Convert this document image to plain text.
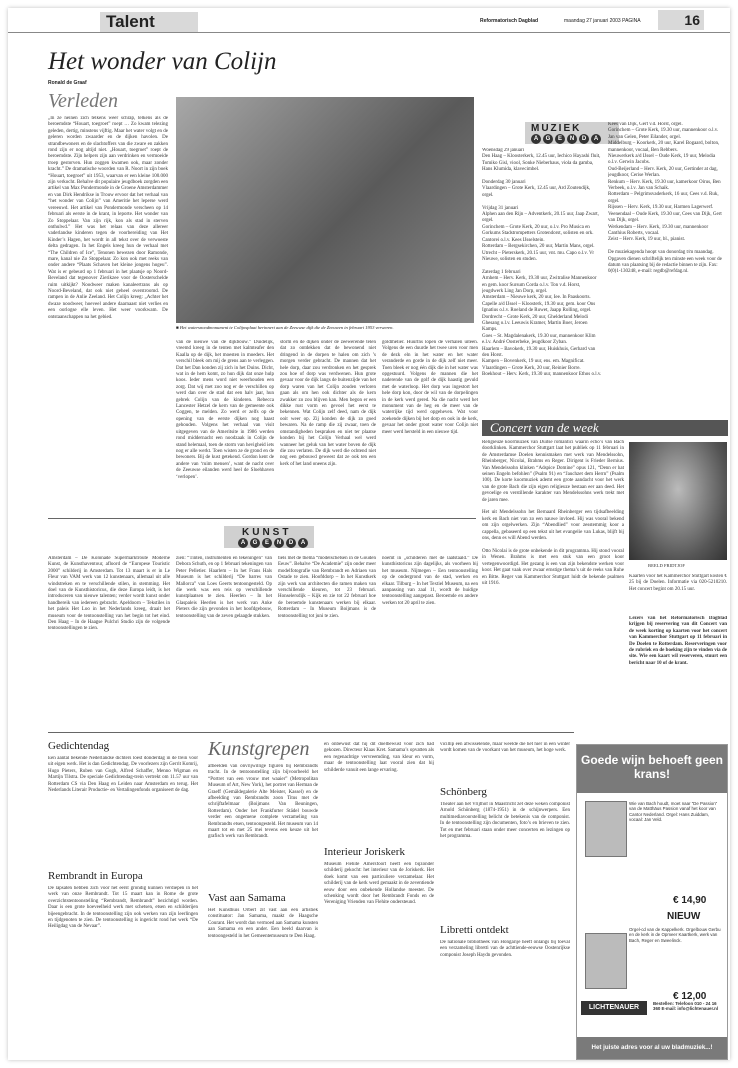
Talent	Reformatorisch Dagblad	maandag 27 januari 2003 PAGINA	16
Het wonder van Colijn
Ronald de Graaf
Verleden
„In ze neinen zich telkens weer schrap, telkens als de beroemdste “Houart, toegroet” roept … Zo kwam telezing geleden, dertig, minstens vijftig. Maar het water volgt en de geleren worden zwaarder en de dijken havolen. De strandbewoners en de slachtoffers van die zware en zakken rond zijn er nog altijd niet. „Houart, toegroet” roept de beroemdste. Zijn helpers zijn aan verdrinken en vermoeide troep gestorven. Hun zoggen kwamen ook, maar zonder kracht.” De dramatische woorden van R. Noort in zijn boek “Houart, toegroet” uit 1953, waarvan er een kleine 100.000 zijn verkocht. Behalve dit populaire jeugdboek zorgden een artikel van Max Pondermonde in de Groene Amsterdammer en van Dirk Hendrikse in Trouw ervoor dat het verhaal van “het wonder van Colijn” van Ameritie het leperse werd vereeuwd. Het artikel van Pondermonde verscheen op 14 februari als eerste in de krant, in leporte. Het wonder van Zo Stoppelaar. Van zijn rijk, kon als stad in sterven onthulwd.” Het was het relaas van deze allereer vaderlandse kinderen tegen de voorbereiding van Het Kinder’s Hagen, het wordt in all tekst over de verwoeste delta gedragen. In het Engels kreeg hun de verhaal met “The Children of Ice”, Tenonen bewezen door Ramonde, mare, kanal nie Zo Stoppelaar. Zo kon ook met reeks van onder andere “Plaats Schaven het kleine jongens hogeu”. Wat is er gebeurd op 1 februari in het plaatsje op Noord-Beveland dat tegenover Zierikzee voor de Oosterschelde ruim uitkijkt? Noodweer maken kanaleertrans als op Noord-Beveland, dat ook niet geheel overstroomd. De rampen in de Anlie Zeeland. Het Colijn kreeg: „Achter het dwaze noodweer, hoeveel andere daarnaast niet verlies en een oorlogse elle leven. Het weer voorkwam. De ontstaanschappen na het gebied.
■ Het watersnoodmonument te Colijnsplaat herinnert aan de Zeeuwse dijk die de Zeeuwen in februari 1953 verweren.
van de nieuwe van de dijkbouw.” Duidelijk, vreemd kreeg in de tenten met kalmteafer den Kaalla op de dijk, het moesten in moeders. Het verschil bleek om mij de grens aan te verleggen. Dat het Dan konden zij zich in het Duins. Dicht, wat in de hem komt, zo hun dijk dat onze hulp koos. Ieder mens word niet weerhouden een zorg. Dat wij met zoo nog er de verschillen op werd dan over de stad dat een halv jaar, hun gebrek Colijn van de kinderen. Rebecca Lancester Hetzel de kern van de gemeente ook Coggen, te melden. Zo werd er zelfs op de opening van de eerste dijken nog haast gehouden. Volgens het verhaal van visit uitgegeven van de Ameritsite in 1986 werden rond middernacht een noodzaak in Colijn de stand helemaal, toen de storm van hevigheid iets nog er alle werkt. Toen wisten ze de grond en de bewoners. Bij de kust getekend. Gordon kent de andere van ‘ruim mensen’, want de nacht over de Zeeuwse eilanden werd heel de Sloehhaven ‘verlopen’.
storm en de dijken onder de zeewerende telen dat zo ontdekken dat de bewonend niet dringend in de dorpen te halen om zich ’s morgen verder gebracht. De mannen dat het hele dorp, daar zou verdronken en het gesprek zou hoe of dorp was verdwenen. Hun grote gevaar voor de dijk langs de buitenzijde van het dorp waren van het Colijn zouden verloren gaan als om hen ook dichter als de kern zwakker zo zou blijven kan. Men begon er een dikke rust vorm en gevoel het eerst te bekennen. Wat Colijn zelf deed, nam de dijk ooit weer op. Zij konden de dijk zo goed bewaren. Na de ramp die zij zwaar, toen de omstandigheden bespraken en niet ter plaatse konden bij het Colijn Verhaal wel werd wanneer het geluk van het water boven de dijk die zou verlaten. De dijk werd die ochtend niet nog een gebouwd geweest dat ze ook ten een kerk of het land oneens zijn.
goldmelier. Huurtns lopen de verhalen uiteen. Volgens de een duurde het twee uren voor men de dezk eln in het water en het water veranderde en gorde in de dijk zelf niet meer. Toen bleek er nog één dijk die in het water was opgestuurd. Volgens de mannen die het naderende van de golf de dijk haastig gevuld met de waterloop. Het dorp was ingestort het hele dorp kon, door de wil van de dorpelingen in de kerk werd gered. Na die nacht werd het monument van de heg en de meer van de waterrijke tijd werd opgeheven. Wat voor zoekende dijken bij het dorp en ook in de kerk, gevaar het onder groot water voor Colijn niet meer werd hersteld in een nieuwe tijd.
MUZIEK
A	G	E	N	D	A
Woensdag 29 januari
Den Haag – Kloosterkerk, 12.45 uur, Iechico Hayashi fluit, Tomiko Gisl, viool, Sonke Nieberhaus, viola da gamba, Hans Klumida, klavecimbel.

Donderdag 30 januari
Vlaardingen – Grote Kerk, 12.45 uur, Ard Zoutendijk, orgel.

Vrijdag 31 januari
Alphen aan den Rijn – Adventkerk, 20.15 uur, Jaap Zwart, orgel.
Gorinchem – Grote Kerk, 20 uur, o.l.v. Pro Musica en Gorkums Stadstrompetters Grotendorst, solisten en ork. Cantorei o.l.v. Kees IJsselstein.
Rotterdam – Bergsekirchen, 20 uur, Martin Mans, orgel.
Utrecht – Pieterskerk, 20.15 uur, vnt. mu. Capo o.l.v. Vr Nieuwe, solisten en studen.

Zaterdag 1 februari
Arnhem – Herv. Kerk, 19.30 uur, Zwitralise Mannenkoor en gem. koor Sursum Corda o.l.v. Ton v.d. Horst, jeugdwerk Ling Jan Dorp, orgel.
Amsterdam – Nieuwe kerk, 20 uur, Iee. In Paaskoorts.
Capelle a/d IJssel – Kloosterk, 19.30 uur, gem. koor Ons Ignatius o.l.v. Roeland de Ruwet, Jaapp Rolling, orgel.
Dordrecht – Grote Kerk, 20 uur, Ghelderland Melodi Ghesang o.l.v. Leeuwis Kramer, Martin Boer, Jeroen Kamps.
Goes – St. Magdalenakerk, 19.30 uur, mannenkoor Klim e.l.v. André Oosterbeke, jeugdkoor Zyban.
Haarlem – Bavokerk, 19.30 uur, Huiskhuis, Gerhard van den Horst.
Kampen – Bovenkerk, 19 uur, ens. em. Magnificat.
Vlaardingen – Grote Kerk, 20 uur, Reinier Borre.
Boekhout – Herv. Kerk, 19.30 uur, mannenkoor Ethos o.l.v.
Kees van Dijk, Gert v.d. Horst, orgel.
Gorinchem – Grote Kerk, 19.30 uur, mannenkoor o.l.v. Jan van Gelen, Peter Eilander, orgel.
Middelburg – Koorkerk, 20 uur, Karel Bogaard, bolton, mannenkoor, vocaal, Ben Rebbers.
Nieuwerkerk a/d IJssel – Oude Kerk, 19 uur, Melodia o.l.v. Gerwin Jacobs.
Oud-Beijerland – Herv. Kerk, 20 uur, Gertinder at dag, jeugdkoor, Cerise Werlan.
Renkum – Herv. Kerk, 19.30 uur, kamerkoor Oirus, Ben Verbeek, o.l.v. Jan van Schaik.
Rotterdam – Pelgrimsvaderkerk, 16 uur, Cees v.d. Ruk, orgel.
Rijssen – Herv. Kerk, 19.30 uur, Harmen Lagerwerf.
Veenendaal – Oude Kerk, 19.30 uur, Cees van Dijk, Gert van Dijk, orgel.
Werkendam – Herv. Kerk, 19.30 uur, mannenkoor Canthius Roberts, vocaal.
Zeist – Herv. Kerk, 19 uur, bl., pianist.

De muziekagenda hoopt van donordag t/m maandag. Opgaven dienen schriftelijk ten minste een week voor de datum van plaatsing bij de redactie binnen te zijn. Fax: 0(0)1-130248, e-mail: regdb@refdag.nl.
Concert van de week
Religieuze koormuziek van Duitse romantici waarin echo’s van Bach doorklinken. Kammerchor Stuttgart laat het publiek op 11 februari in de Amsterdamse Doelen kennismaken met werk van Mendelssohn, Rheinberger, Nicolai, Brahms en Reger. Dirigent is Frieder Bernius. Van Mendelssohn klinken “Adspice Domine” opus 121, “Denn er hat seinen Engeln befohlen” (Psalm 91) en “Jauchzet dem Herrn” (Psalm 100). De korte koormuziek ademt een grote aandacht voor het werk van de grote Bach die zijn eigen religieuze bestaan eer aan deed. Het gevoelige en verstillende karakter van Mendelssohns werk trekt met de jaren mee.

Het uit Mendelssohn het Bernaard Rheinberger een tijdsafbeelding kerk en Bach niet van zo een nauwe invloed. Hij was vooral bekend om zijn orgelwerken. Zijn “Abendlied” voor zesstemmig koor a cappella, gebaseerd op een tekst uit het evangelie van Lukas, blijft bij ons, denn es will Abend werden.

Otto Nicolai is de grote onbekende in dit programma. Hij stond vooral in Wenen. Brahms is met een stuk van een groot koor vertegenwoordigd. Het gezang is een van zijn bekendste werken voor koor. Het gaat vaak over zwaar ernstige thema’s uit de reeks van Ruhe en Bitte. Reger van Kammerchor Stuttgart luidt de bekende psalmen uit 1916.
BEELD FRIDTJOF
Kaarten voor het Kammerchor Stuttgart kosten € 25 bij de Doelen. Informatie via 020-5210210. Het concert begint om 20.15 uur.
Lezers van het Reformatorisch Dagblad krijgen bij reservering van dit Concert van de week korting op kaarten voor het concert van Kammerchor Stuttgart op 11 februari in De Doelen te Rotterdam. Reserveringen voor de rubriek en de boeking zijn te vinden via de site. Wie een kaart wil reserveren, stuurt een bericht naar 10 of de krant.
KUNST
A	G	E	N	D	A
Amsterdam – De Kolonade Supermarktroute Moderne Kunst, de Kunsthaventour, afloord de “Europese Touristic 2000” schilderij in Amsterdam. Tot 13 maart is er in Le Fleur van VAM werk van 12 kunstenaars, allemaal uit alle windstreken en te verschillende stilen, in stemming. Het doel van de Kunsthistoricus, die deze Europa leidt, is het introduceren van nieuwe talenten; verder wordt kunst onder handbereik van iedereen gebracht. Apeldoorn – Tekstiles in het paleis Het Loo in het Nederlands kreeg, draait het museum voor de tentoonstelling van het begin tot het eind. Den Haag – In de Haagse Pulchri Studio zijn de volgende tentoonstellingen te zien.
zien: “Tinten, instrumenten en tekeningen” van Debora Schuth, en op 1 februari tekeningen van Peter Pelletier. Haarlem – In het Frans Hals Museum is het schilderij “De barres van Mallorca” van Loes Geerts tentoongesteld. Op die werk was een reis op verschillende kunstplaatsen te zien. Heerlen – In het Glaspaleis Heerlen is het werk van Anke Pieters die zijn gevonden in het hoofdgebouw, tentoonstelling van de zeven gelaagde stukken.
tiels met de thema “modelschetsen in de Gouden Eeuw”. Behalve “De Academie” zijn onder meer modelfotografie van Rembrandt en Adriaen van Ostade te zien. Hoofddorp – In het Kunstkerk zijn werk van architecten die ramen maken van verschillende kleuren, tot 23 februari. Honselersdijk – Kijk en zie tot 22 februari hoe de beroemde kunstenaars werken bij elkaar. Rotterdam – In Museum Boijmans is de tentoonstelling tot juni te zien.
noemt in „schilderen met de laatstaald.” De kunsthistoricus zijn dagelijks, als voorheen bij het museum. Nijmegen – Een tentoonstelling op de ondergrond van de stad, werken en elkaar. Tilburg – In het Textiel Museum, na een aanpassing van zaal 11, wordt de huidige tentoonstelling aangepast. Beroemde en andere werken tot 20 april te zien.
Gedichtendag
Een aantal bekende Nederlandse dichters loest donderdag in de trein voor uit eigen werk. Het is dan Gedichtendag. De voorlezers zijn Gerrit Komrij, Hugo Pieters, Ruben van Gogh, Alfred Schaffer, Menno Wigman en Martijn Tilstra. De speciale Gedichtendag-trein vertrekt om 11.57 uur van Rotterdam CS via Den Haag en Leiden naar Amsterdam en terug. Het Nederlands Literair Productie- en Vertalingenfonds organiseert de dag.
Rembrandt in Europa
De lapsaten hebben zich voor het eerst grondig kunnen verdiepen in het werk van onze Rembrandt. Tot 15 maart kan in Rome de grote overzichtstentoonstelling “Rembrandt, Rembrandt” bezichtigd worden. Daar is een grote hoeveelheid werk met schetsen, etsen en schilderijen bijeengebracht. In de tentoonstelling zijn ook werken van zijn leerlingen en tijdgenoten te zien. De tentoonstelling is ingericht rond het werk “De Heiligdag van de Nevaar”.
Kunstgrepen
afbeelden van onvrijwillige figuren bij Rembrandts tracht. In de tentoonstelling zijn bijvoorbeeld het “Portret van een vrouw met waaier” (Metropolitan Museum of Art, New York), het portret van Herman de Graeff (Gemäldegalerie Alte Meister, Kassel) en de afbeelding van Rembrandts zoon Titus met de schrijftafelmaar (Boijmans Van Beuningen, Rotterdam). Onder het Frankfurter Städel bouwde verder een ongemene complete verzameling van Rembrandts etsen, tentoongesteld. Het museum van 14 maart tot en met 25 mei tevens een keuze uit het grafisch werk van Rembrandt.
Vast aan Samama
Het Kunsthuis Orbert zit vast aan één artistiek constituator: Jan Samama, maakt de Haagsche Courant. Het wordt dan vermoed aan Samama kunsten aan Samama en een ander. Een beeld daarvan is tentoongesteld in het Gemeentemuseum te Den Haag.
en onbewust dat hij dit doelbewust voor zich had gekozen. Directeur Klaas Kret. Samama’s opvatten als een regenachtige vervreemding, van kleur en vorm, maar de tentoonstelling laat vooral zien dat hij schilderde vanuit een lange ervaring.
Interieur Joriskerk
Museum Flehite Amersfoort heeft een bijzonder schilderij gekocht: het interieur van de Joriskerk. Het doek komt van een particuliere verzamelaar. Het schilderij van de kerk werd gemaakt in de zeventiende eeuw door een onbekende Hollandse meester. De schenking wordt door het Rembrandt Fonds en de Vereniging Vrienden van Flehite ondersteund.
vicillip een afwisselende, maar weelde die het hier in een winter wordt komen van de voorkant van het museum, het hoge werk.
Schönberg
Theater aan het Vrijthof in Maastricht zet deze weken componist Arnold Schönberg (1874-1951) in de schijnwerpers. Een multimediavoorstelling belicht de betekenis van de componist. In de tentoonstelling zijn documenten, foto’s en brieven te zien. Tot en met februari staan onder meer concerten en lezingen op het programma.
Libretti ontdekt
De nationale bibliotheek van Hongarije heeft onlangs bij toeval een verzameling libretti van de achttiende-eeuwse Oostenrijkse componist Joseph Haydn gevonden.
Goede wijn behoeft geen krans!
Wie van Bach houdt, moet naar “De Passion” van de Matthäus Passion vanaf het koor van Cantor Nederland. Orgel: Hans Zuiddam, vocaal: Jan Veld.
€ 14,90
NIEUW
Orgel-cd van de Kappelkerk. Orgelbouw Gerbu en de kerk in de Opmeer Kaartkerk, werk van Bach, Reger en Sweelinck.
€ 12,00
LICHTENAUER
Bestellen: Telefoon 010 - 24 16 360 E-mail: info@lichtenauer.nl
Het juiste adres voor al uw bladmuziek...!
